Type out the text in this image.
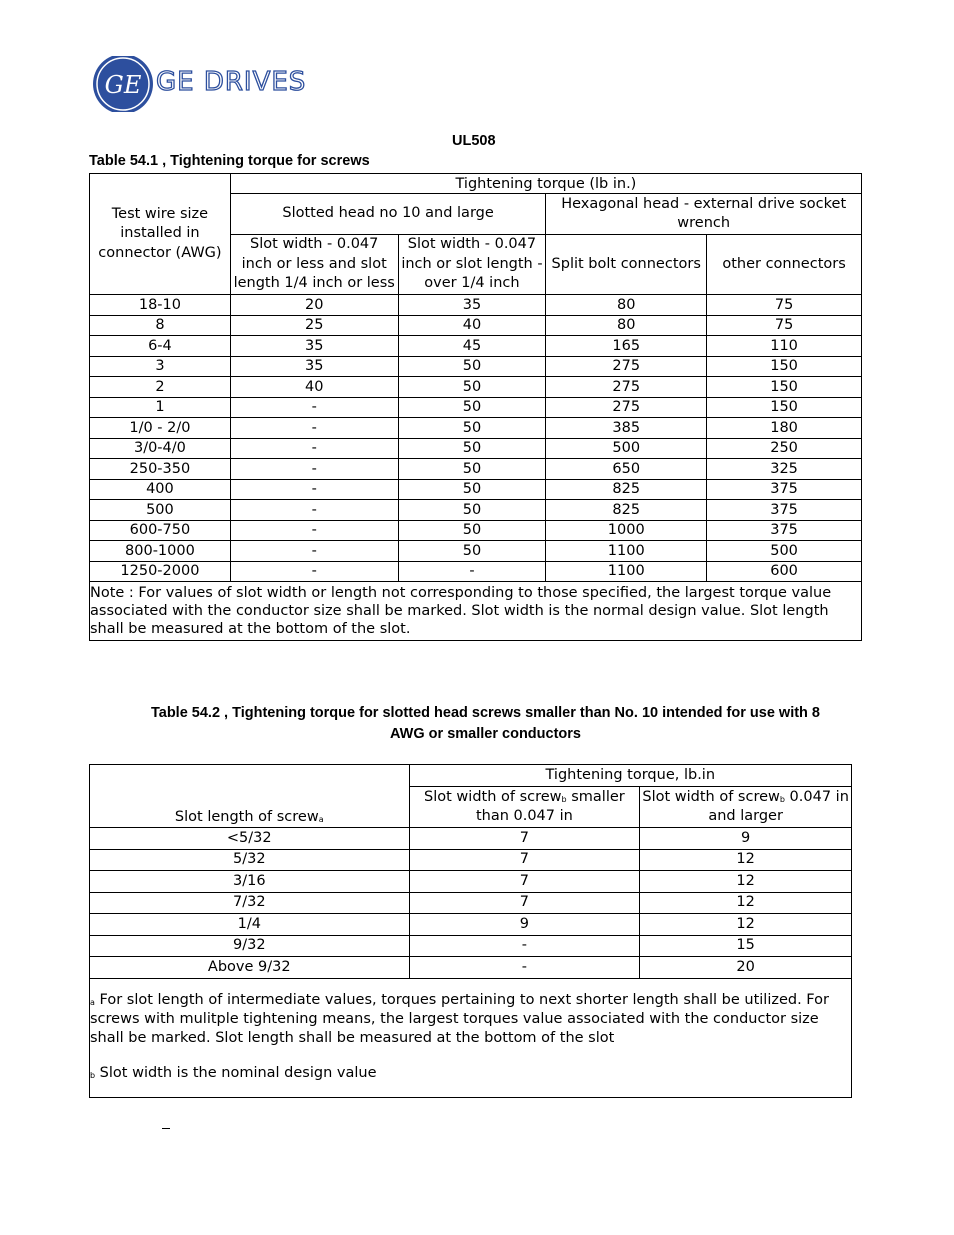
GE GE DRIVES
UL508
Table 54.1 , Tightening torque for screws
Test wire size installed in connector (AWG)	Tightening torque (lb in.)			
	Slotted head no 10 and large		Hexagonal head - external drive socket wrench	
	Slot width - 0.047 inch or less and slot length 1/4 inch or less	Slot width - 0.047 inch or slot length - over 1/4 inch	Split bolt connectors	other connectors
18-10	20	35	80	75
8	25	40	80	75
6-4	35	45	165	110
3	35	50	275	150
2	40	50	275	150
1	-	50	275	150
1/0 - 2/0	-	50	385	180
3/0-4/0	-	50	500	250
250-350	-	50	650	325
400	-	50	825	375
500	-	50	825	375
600-750	-	50	1000	375
800-1000	-	50	1100	500
1250-2000	-	-	1100	600
Note : For values of slot width or length not corresponding to those specified, the largest torque value associated with the conductor size shall be marked. Slot width is the normal design value. Slot length shall be measured at the bottom of the slot.				
Table 54.2 , Tightening torque for slotted head screws smaller than No. 10 intended for use with 8
AWG or smaller conductors
Slot length of screw$^a$	Tightening torque, lb.in	
	Slot width of screw$^b$ smaller than 0.047 in	Slot width of screw$^b$ 0.047 in and larger
<5/32	7	9
5/32	7	12
3/16	7	12
7/32	7	12
1/4	9	12
9/32	-	15
Above 9/32	-	20

$^a$ For slot length of intermediate values, torques pertaining to next shorter length shall be utilized. For screws with mulitple tightening means, the largest torques value associated with the conductor size shall be marked. Slot length shall be measured at the bottom of the slot
$^b$ Slot width is the nominal design value		
